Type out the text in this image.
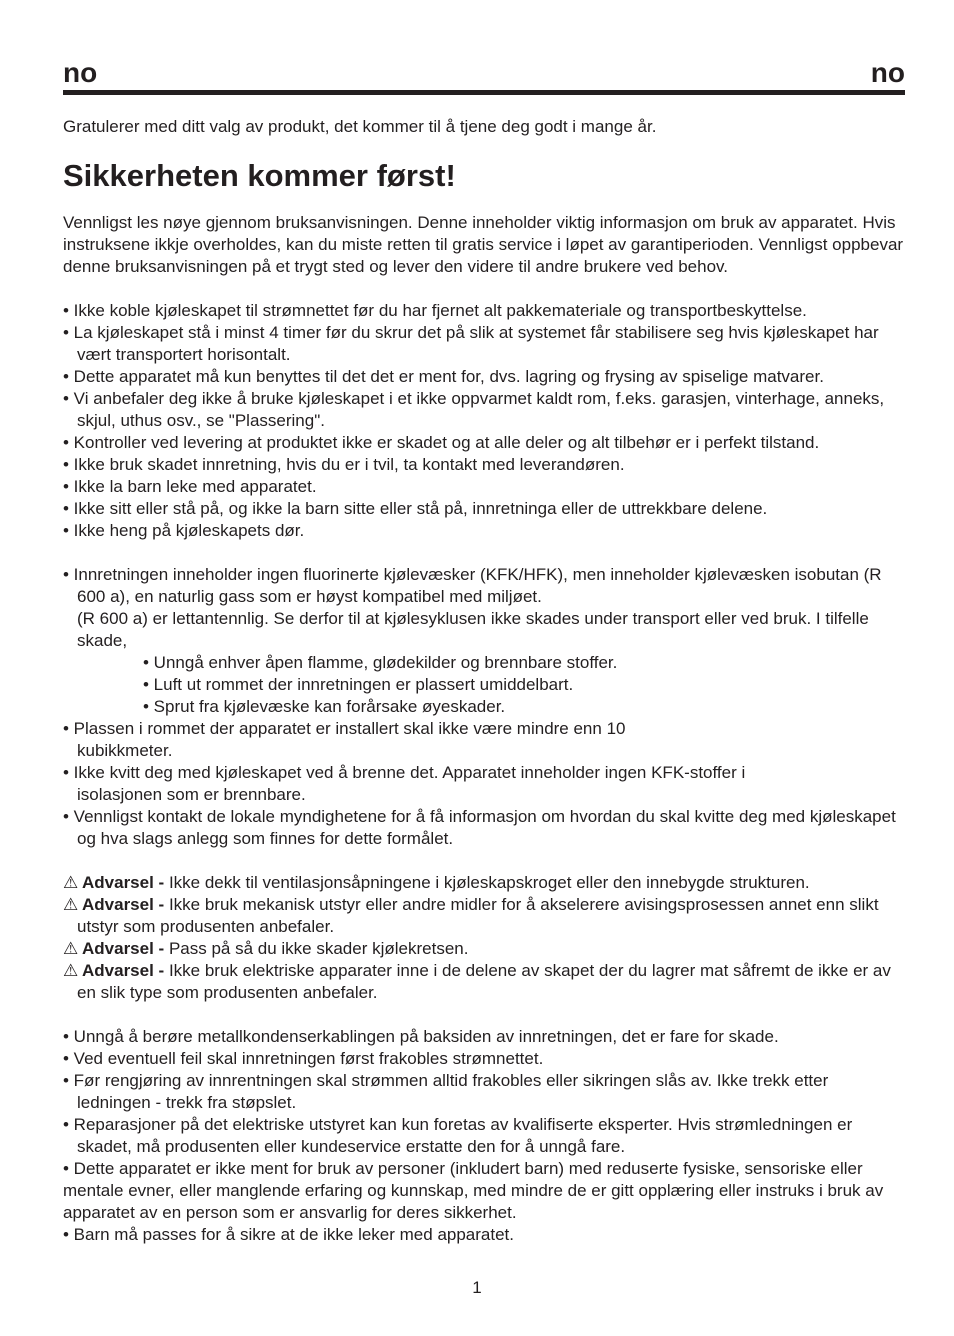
no	no
Gratulerer med ditt valg av produkt, det kommer til å tjene deg godt i mange år.
Sikkerheten kommer først!
Vennligst les nøye gjennom bruksanvisningen. Denne inneholder viktig informasjon om bruk av apparatet. Hvis instruksene ikkje overholdes, kan du miste retten til gratis service i løpet av garantiperioden. Vennligst oppbevar denne bruksanvisningen på et trygt sted og lever den videre til andre brukere ved behov.
• Ikke koble kjøleskapet til strømnettet før du har fjernet alt pakkemateriale og transportbeskyttelse.
• La kjøleskapet stå i minst 4 timer før du skrur det på slik at systemet får stabilisere seg hvis kjøleskapet har vært transportert horisontalt.
• Dette apparatet må kun benyttes til det det er ment for, dvs. lagring og frysing av spiselige matvarer.
• Vi anbefaler deg ikke å bruke kjøleskapet i et ikke oppvarmet kaldt rom, f.eks. garasjen, vinterhage, anneks, skjul, uthus osv., se "Plassering".
• Kontroller ved levering at produktet ikke er skadet og at alle deler og alt tilbehør er i perfekt tilstand.
• Ikke bruk skadet innretning, hvis du er i tvil, ta kontakt med leverandøren.
• Ikke la barn leke med apparatet.
• Ikke sitt eller stå på, og ikke la barn sitte eller stå på, innretninga eller de uttrekkbare delene.
• Ikke heng på kjøleskapets dør.
• Innretningen inneholder ingen fluorinerte kjølevæsker (KFK/HFK), men inneholder kjølevæsken isobutan (R 600 a), en naturlig gass som er høyst kompatibel med miljøet.
(R 600 a) er lettantennlig. Se derfor til at kjølesyklusen ikke skades under transport eller ved bruk. I tilfelle skade,
• Unngå enhver åpen flamme, glødekilder og brennbare stoffer.
• Luft ut rommet der innretningen er plassert umiddelbart.
• Sprut fra kjølevæske kan forårsake øyeskader.
• Plassen i rommet der apparatet er installert skal ikke være mindre enn 10 kubikkmeter.
• Ikke kvitt deg med kjøleskapet ved å brenne det. Apparatet inneholder ingen KFK-stoffer i isolasjonen som er brennbare.
• Vennligst kontakt de lokale myndighetene for å få informasjon om hvordan du skal kvitte deg med kjøleskapet og hva slags anlegg som finnes for dette formålet.
⚠ Advarsel - Ikke dekk til ventilasjonsåpningene i kjøleskapskroget eller den innebygde strukturen.
⚠ Advarsel - Ikke bruk mekanisk utstyr eller andre midler for å akselerere avisingsprosessen annet enn slikt utstyr som produsenten anbefaler.
⚠ Advarsel - Pass på så du ikke skader kjølekretsen.
⚠ Advarsel - Ikke bruk elektriske apparater inne i de delene av skapet der du lagrer mat såfremt de ikke er av en slik type som produsenten anbefaler.
• Unngå å berøre metallkondenserkablingen på baksiden av innretningen, det er fare for skade.
• Ved eventuell feil skal innretningen først frakobles strømnettet.
• Før rengjøring av innrentningen skal strømmen alltid frakobles eller sikringen slås av. Ikke trekk etter ledningen - trekk fra støpslet.
• Reparasjoner på det elektriske utstyret kan kun foretas av kvalifiserte eksperter. Hvis strømledningen er skadet, må produsenten eller kundeservice erstatte den for å unngå fare.
• Dette apparatet er ikke ment for bruk av personer (inkludert barn) med reduserte fysiske, sensoriske eller mentale evner, eller manglende erfaring og kunnskap, med mindre de er gitt opplæring eller instruks i bruk av apparatet av en person som er ansvarlig for deres sikkerhet.
• Barn må passes for å sikre at de ikke leker med apparatet.
1
